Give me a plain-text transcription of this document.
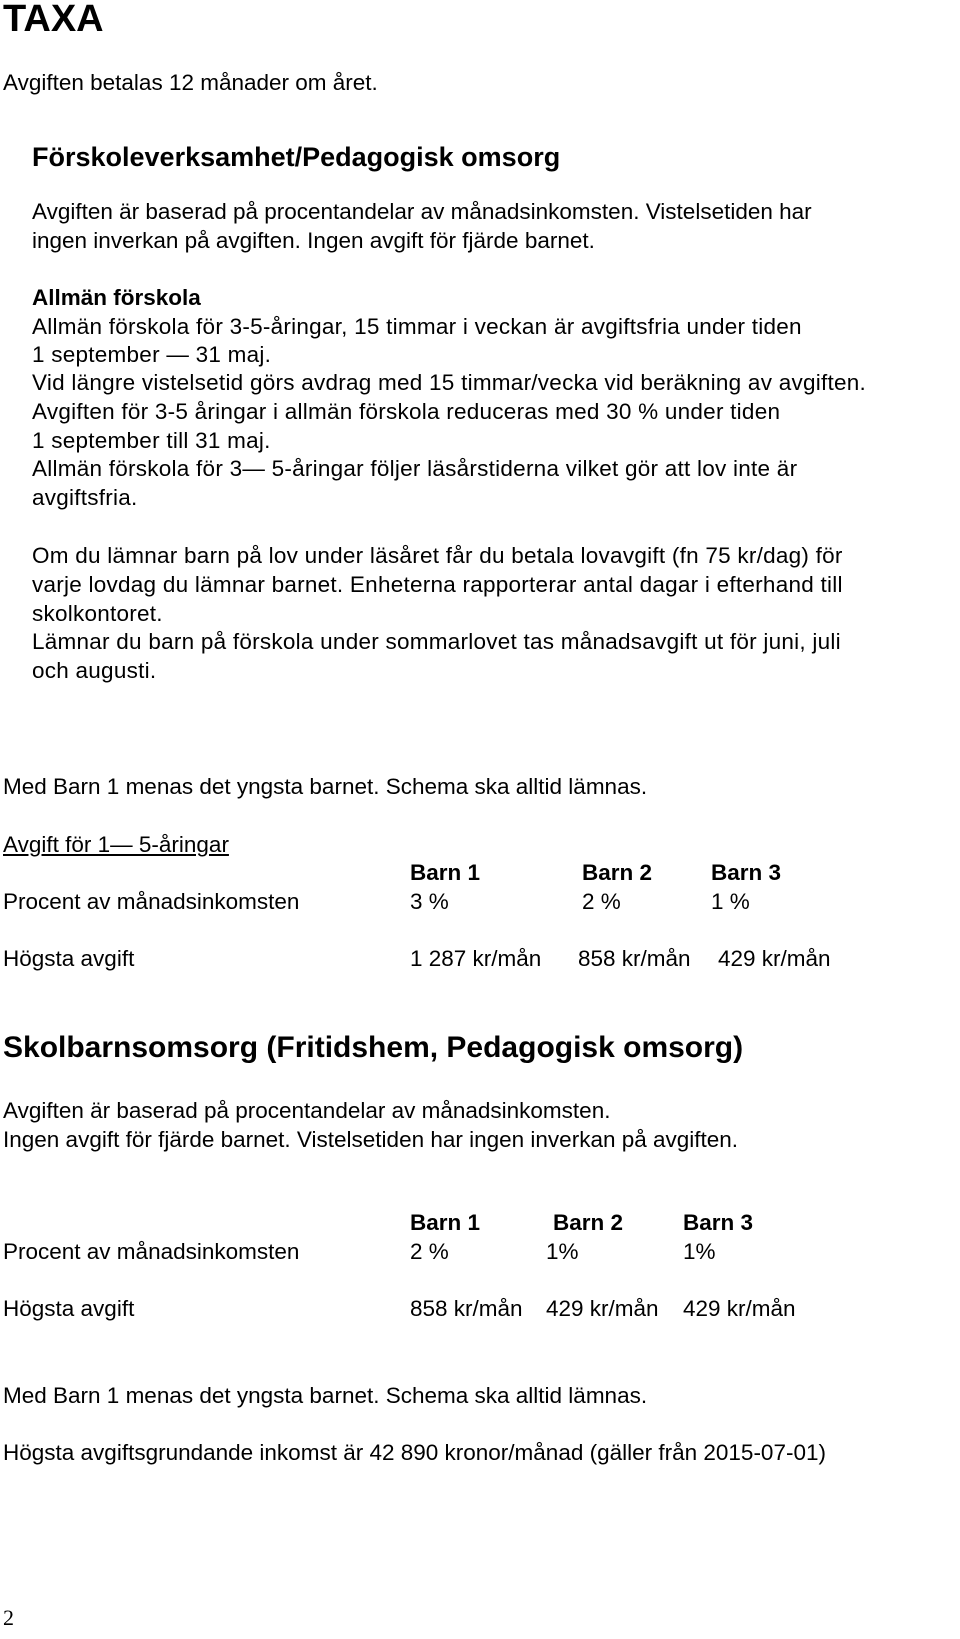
TAXA
Avgiften betalas 12 månader om året.
Förskoleverksamhet/Pedagogisk omsorg
Avgiften är baserad på procentandelar av månadsinkomsten. Vistelsetiden har
ingen inverkan på avgiften. Ingen avgift för fjärde barnet.
Allmän förskola
Allmän förskola för 3-5-åringar, 15 timmar i veckan är avgiftsfria under tiden
1 september — 31 maj.
Vid längre vistelsetid görs avdrag med 15 timmar/vecka vid beräkning av avgiften.
Avgiften för 3-5 åringar i allmän förskola reduceras med 30 % under tiden
1 september till 31 maj.
Allmän förskola för 3— 5-åringar följer läsårstiderna vilket gör att lov inte är
avgiftsfria.
Om du lämnar barn på lov under läsåret får du betala lovavgift (fn 75 kr/dag) för
varje lovdag du lämnar barnet. Enheterna rapporterar antal dagar i efterhand till
skolkontoret.
Lämnar du barn på förskola under sommarlovet tas månadsavgift ut för juni, juli
och augusti.
Med Barn 1 menas det yngsta barnet. Schema ska alltid lämnas.
Avgift för 1— 5-åringar
Barn 1	Barn 2	Barn 3
Procent av månadsinkomsten	3 %	2 %	1 %
Högsta avgift	1 287 kr/mån 858 kr/mån 429 kr/mån
Skolbarnsomsorg (Fritidshem, Pedagogisk omsorg)
Avgiften är baserad på procentandelar av månadsinkomsten.
Ingen avgift för fjärde barnet. Vistelsetiden har ingen inverkan på avgiften.
Barn 1	Barn 2	Barn 3
Procent av månadsinkomsten	2 %	1%	1%
Högsta avgift	858 kr/mån 429 kr/mån 429 kr/mån
Med Barn 1 menas det yngsta barnet. Schema ska alltid lämnas.
Högsta avgiftsgrundande inkomst är 42 890 kronor/månad (gäller från 2015-07-01)
2
